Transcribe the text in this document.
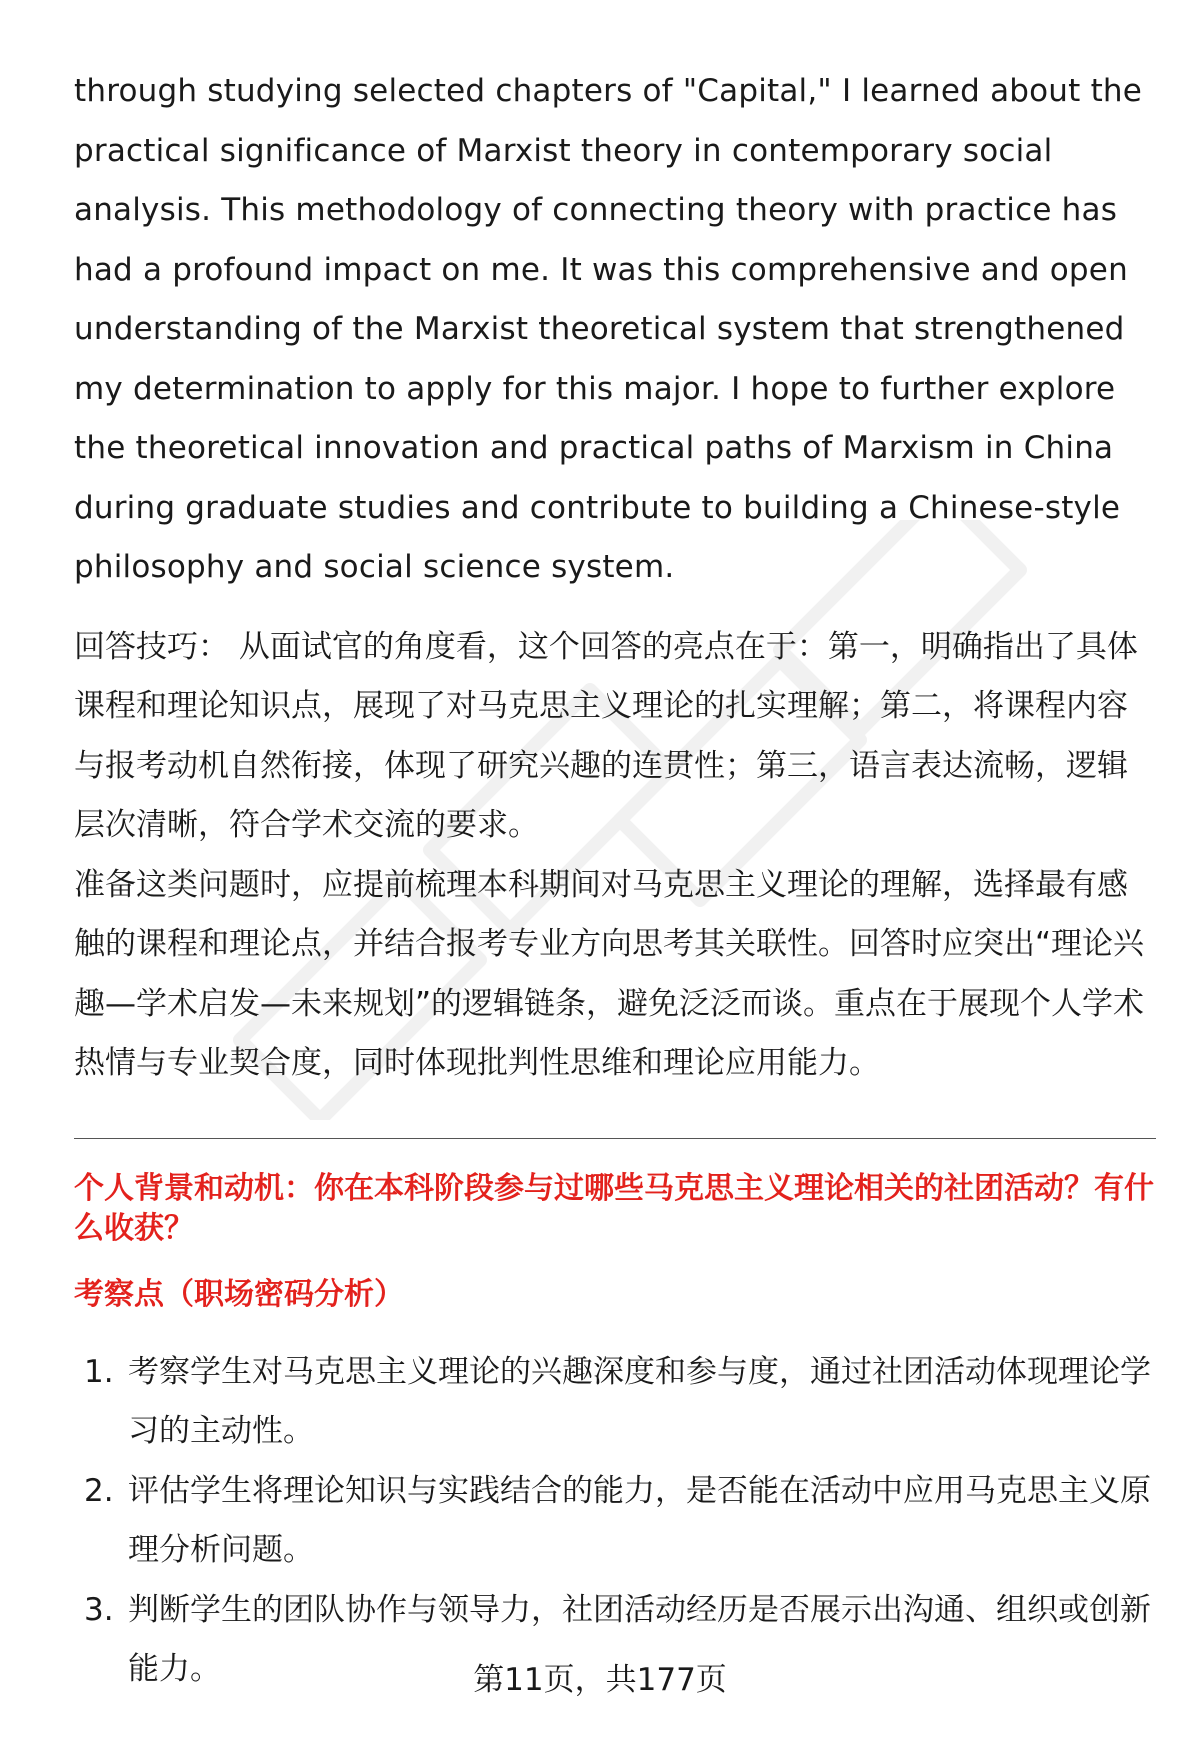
through studying selected chapters of "Capital," I learned about the practical significance of Marxist theory in contemporary social analysis. This methodology of connecting theory with practice has had a profound impact on me. It was this comprehensive and open understanding of the Marxist theoretical system that strengthened my determination to apply for this major. I hope to further explore the theoretical innovation and practical paths of Marxism in China during graduate studies and contribute to building a Chinese-style philosophy and social science system.

回答技巧： 从面试官的角度看，这个回答的亮点在于：第一，明确指出了具体课程和理论知识点，展现了对马克思主义理论的扎实理解；第二，将课程内容与报考动机自然衔接，体现了研究兴趣的连贯性；第三，语言表达流畅，逻辑层次清晰，符合学术交流的要求。

准备这类问题时，应提前梳理本科期间对马克思主义理论的理解，选择最有感触的课程和理论点，并结合报考专业方向思考其关联性。回答时应突出“理论兴趣—学术启发—未来规划”的逻辑链条，避免泛泛而谈。重点在于展现个人学术热情与专业契合度，同时体现批判性思维和理论应用能力。

个人背景和动机：你在本科阶段参与过哪些马克思主义理论相关的社团活动？有什么收获？

考察点（职场密码分析）

1. 考察学生对马克思主义理论的兴趣深度和参与度，通过社团活动体现理论学习的主动性。
2. 评估学生将理论知识与实践结合的能力，是否能在活动中应用马克思主义原理分析问题。
3. 判断学生的团队协作与领导力，社团活动经历是否展示出沟通、组织或创新能力。	第11页，共177页
